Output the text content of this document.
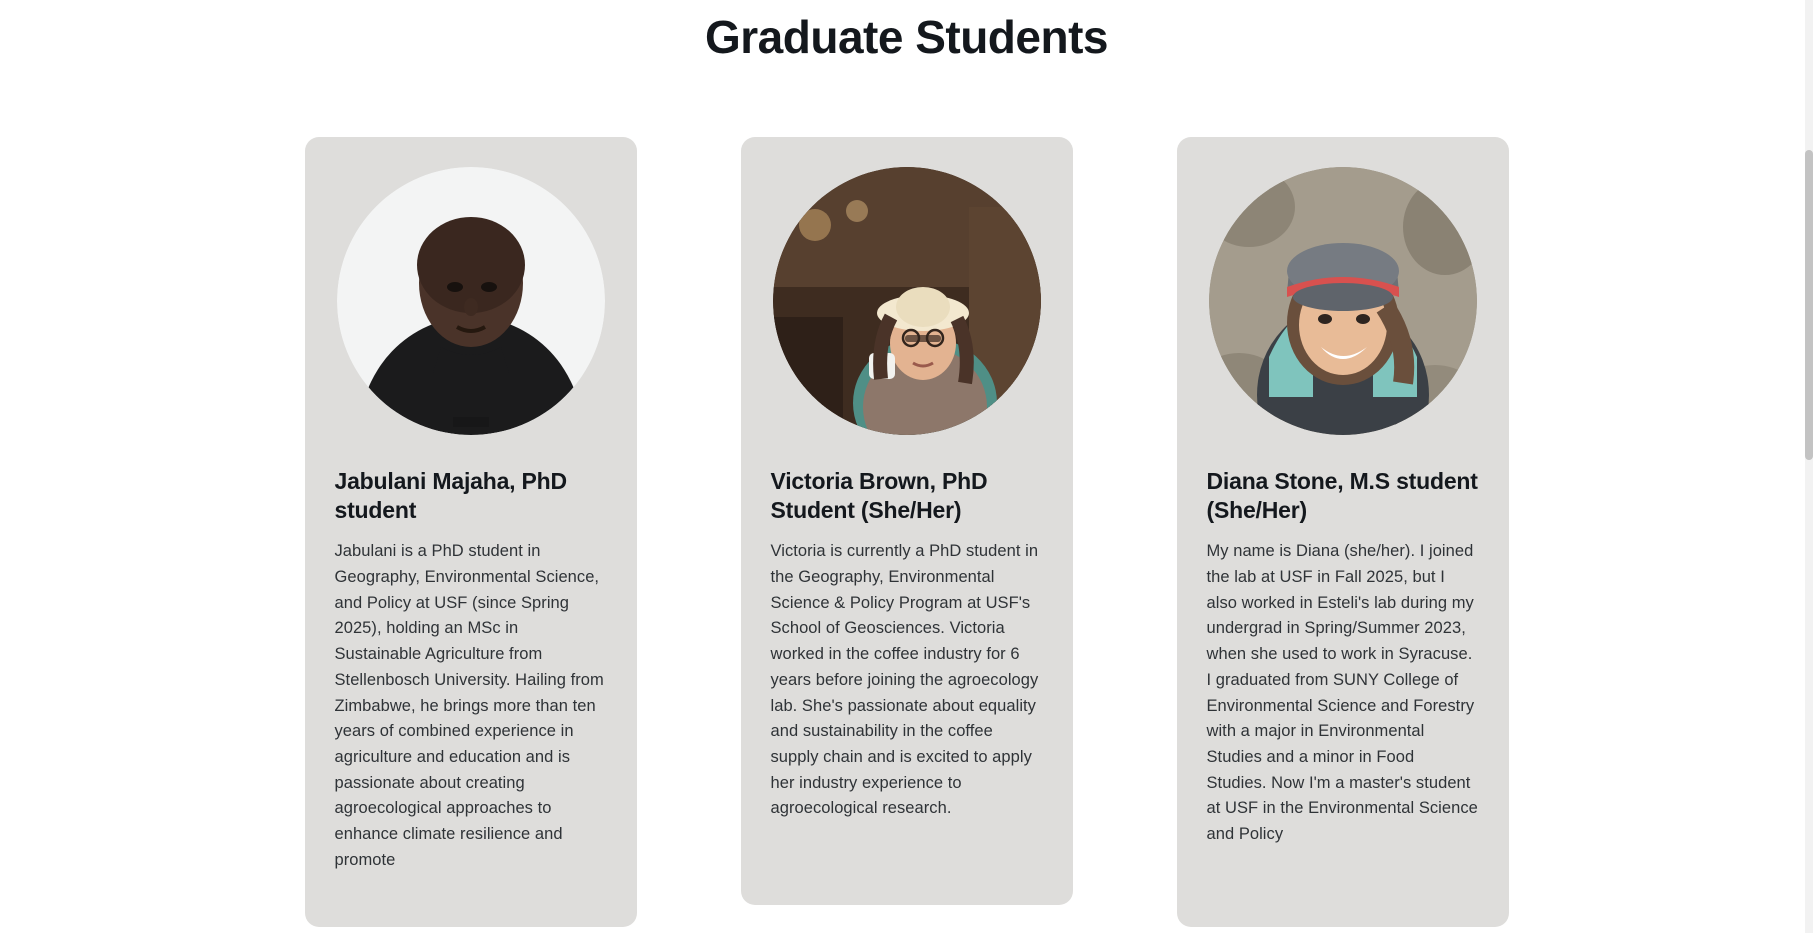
Graduate Students
Jabulani Majaha, PhD student

Jabulani is a PhD student in Geography, Environmental Science, and Policy at USF (since Spring 2025), holding an MSc in Sustainable Agriculture from Stellenbosch University. Hailing from Zimbabwe, he brings more than ten years of combined experience in agriculture and education and is passionate about creating agroecological approaches to enhance climate resilience and promote

Victoria Brown, PhD Student (She/Her)

Victoria is currently a PhD student in the Geography, Environmental Science & Policy Program at USF's School of Geosciences. Victoria worked in the coffee industry for 6 years before joining the agroecology lab. She's passionate about equality and sustainability in the coffee supply chain and is excited to apply her industry experience to agroecological research.

Diana Stone, M.S student (She/Her)

My name is Diana (she/her). I joined the lab at USF in Fall 2025, but I also worked in Esteli's lab during my undergrad in Spring/Summer 2023, when she used to work in Syracuse. I graduated from SUNY College of Environmental Science and Forestry with a major in Environmental Studies and a minor in Food Studies. Now I'm a master's student at USF in the Environmental Science and Policy
